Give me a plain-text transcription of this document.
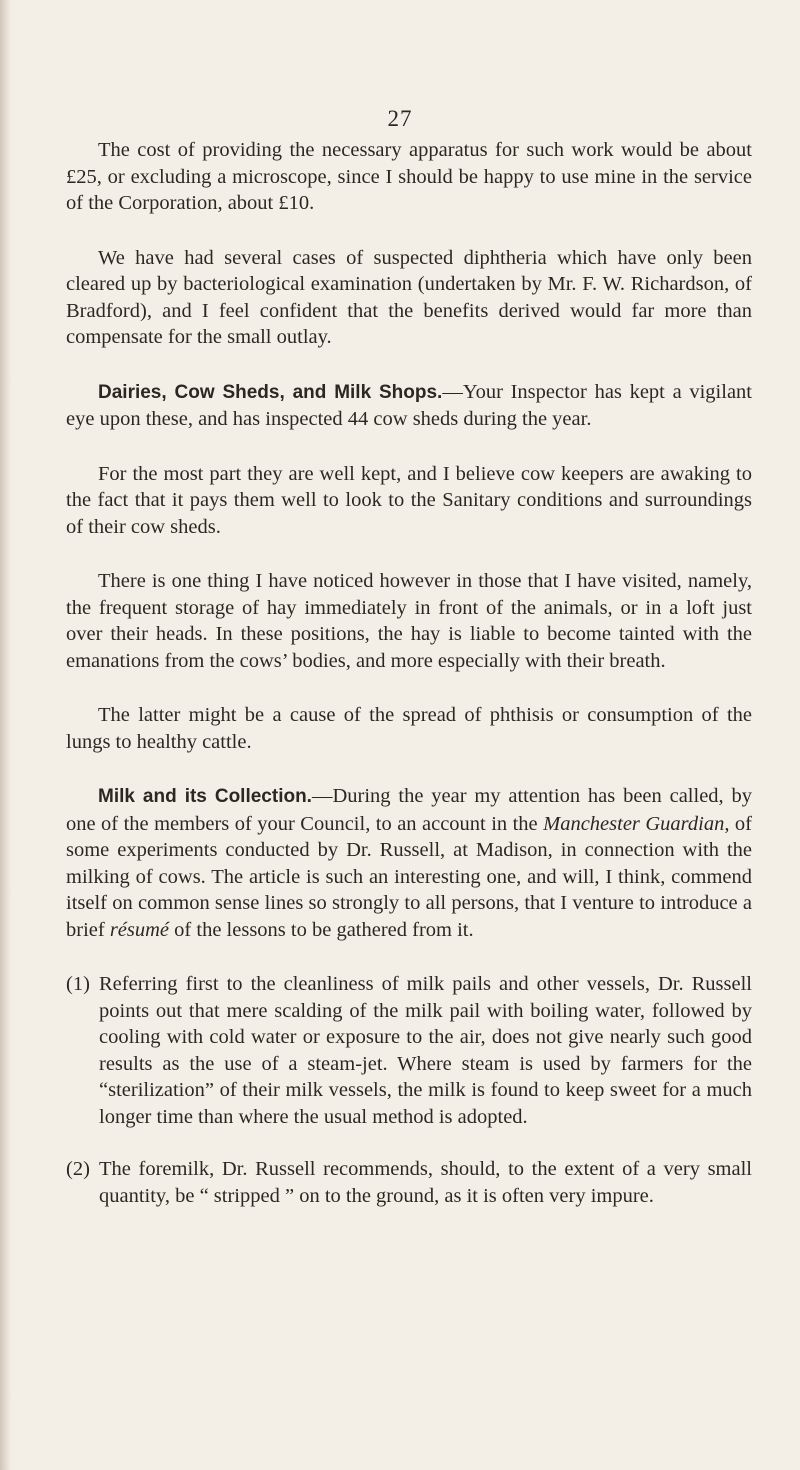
27

The cost of providing the necessary apparatus for such work would be about £25, or excluding a microscope, since I should be happy to use mine in the service of the Corporation, about £10.

We have had several cases of suspected diphtheria which have only been cleared up by bacteriological examination (undertaken by Mr. F. W. Richardson, of Bradford), and I feel confident that the benefits derived would far more than compensate for the small outlay.

Dairies, Cow Sheds, and Milk Shops.—Your Inspector has kept a vigilant eye upon these, and has inspected 44 cow sheds during the year.

For the most part they are well kept, and I believe cow keepers are awaking to the fact that it pays them well to look to the Sanitary conditions and surroundings of their cow sheds.

There is one thing I have noticed however in those that I have visited, namely, the frequent storage of hay immediately in front of the animals, or in a loft just over their heads. In these positions, the hay is liable to become tainted with the emanations from the cows’ bodies, and more especially with their breath.

The latter might be a cause of the spread of phthisis or consumption of the lungs to healthy cattle.

Milk and its Collection.—During the year my attention has been called, by one of the members of your Council, to an account in the Manchester Guardian, of some experiments conducted by Dr. Russell, at Madison, in connection with the milking of cows. The article is such an interesting one, and will, I think, commend itself on common sense lines so strongly to all persons, that I venture to introduce a brief résumé of the lessons to be gathered from it.

(1) Referring first to the cleanliness of milk pails and other vessels, Dr. Russell points out that mere scalding of the milk pail with boiling water, followed by cooling with cold water or exposure to the air, does not give nearly such good results as the use of a steam-jet. Where steam is used by farmers for the “sterilization” of their milk vessels, the milk is found to keep sweet for a much longer time than where the usual method is adopted.
(2) The foremilk, Dr. Russell recommends, should, to the extent of a very small quantity, be “ stripped ” on to the ground, as it is often very impure.
